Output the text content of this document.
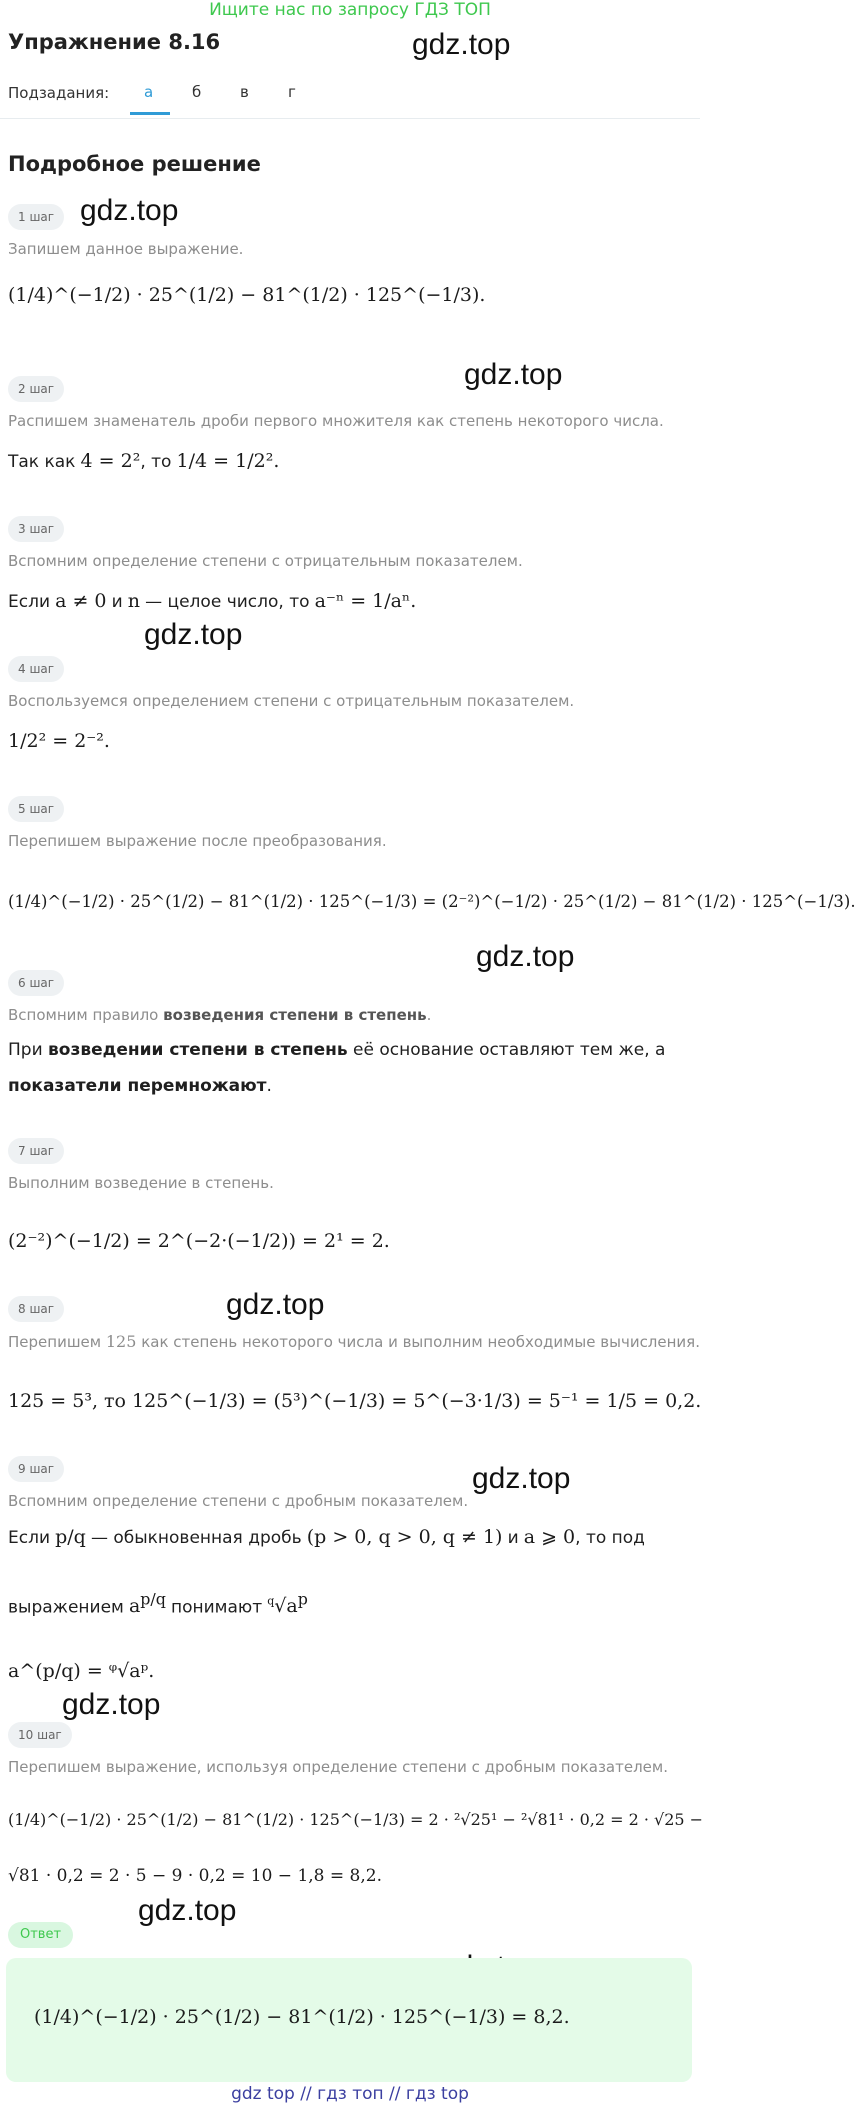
Ищите нас по запросу ГДЗ ТОП
Упражнение 8.16
Подзадания: а	б	в	г
Подробное решение
gdz.top
gdz.top
gdz.top
gdz.top
gdz.top
gdz.top
gdz.top
gdz.top
gdz.top
1 шаг
Запишем данное выражение.
(1/4)^(−1/2) · 25^(1/2) − 81^(1/2) · 125^(−1/3).
2 шаг
Распишем знаменатель дроби первого множителя как степень некоторого числа.
Так как 4 = 2², то 1/4 = 1/2².
3 шаг
Вспомним определение степени с отрицательным показателем.
Если a ≠ 0 и n — целое число, то a⁻ⁿ = 1/aⁿ.
4 шаг
Воспользуемся определением степени с отрицательным показателем.
1/2² = 2⁻².
5 шаг
Перепишем выражение после преобразования.
(1/4)^(−1/2) · 25^(1/2) − 81^(1/2) · 125^(−1/3) = (2⁻²)^(−1/2) · 25^(1/2) − 81^(1/2) · 125^(−1/3).
6 шаг
Вспомним правило возведения степени в степень.
При возведении степени в степень её основание оставляют тем же, а
показатели перемножают.
7 шаг
Выполним возведение в степень.
(2⁻²)^(−1/2) = 2^(−2·(−1/2)) = 2¹ = 2.
8 шаг
Перепишем 125 как степень некоторого числа и выполним необходимые вычисления.
125 = 5³, то 125^(−1/3) = (5³)^(−1/3) = 5^(−3·1/3) = 5⁻¹ = 1/5 = 0,2.
9 шаг
Вспомним определение степени с дробным показателем.
Если p/q — обыкновенная дробь (p > 0, q > 0, q ≠ 1) и a ⩾ 0, то под
выражением $a^{p/q}$ понимают $^q√a^p$
a^(p/q) = ᵠ√aᵖ.
10 шаг
Перепишем выражение, используя определение степени с дробным показателем.
(1/4)^(−1/2) · 25^(1/2) − 81^(1/2) · 125^(−1/3) = 2 · ²√25¹ − ²√81¹ · 0,2 = 2 · √25 −
√81 · 0,2 = 2 · 5 − 9 · 0,2 = 10 − 1,8 = 8,2.
Ответ
(1/4)^(−1/2) · 25^(1/2) − 81^(1/2) · 125^(−1/3) = 8,2.
gdz top // гдз топ // гдз top
